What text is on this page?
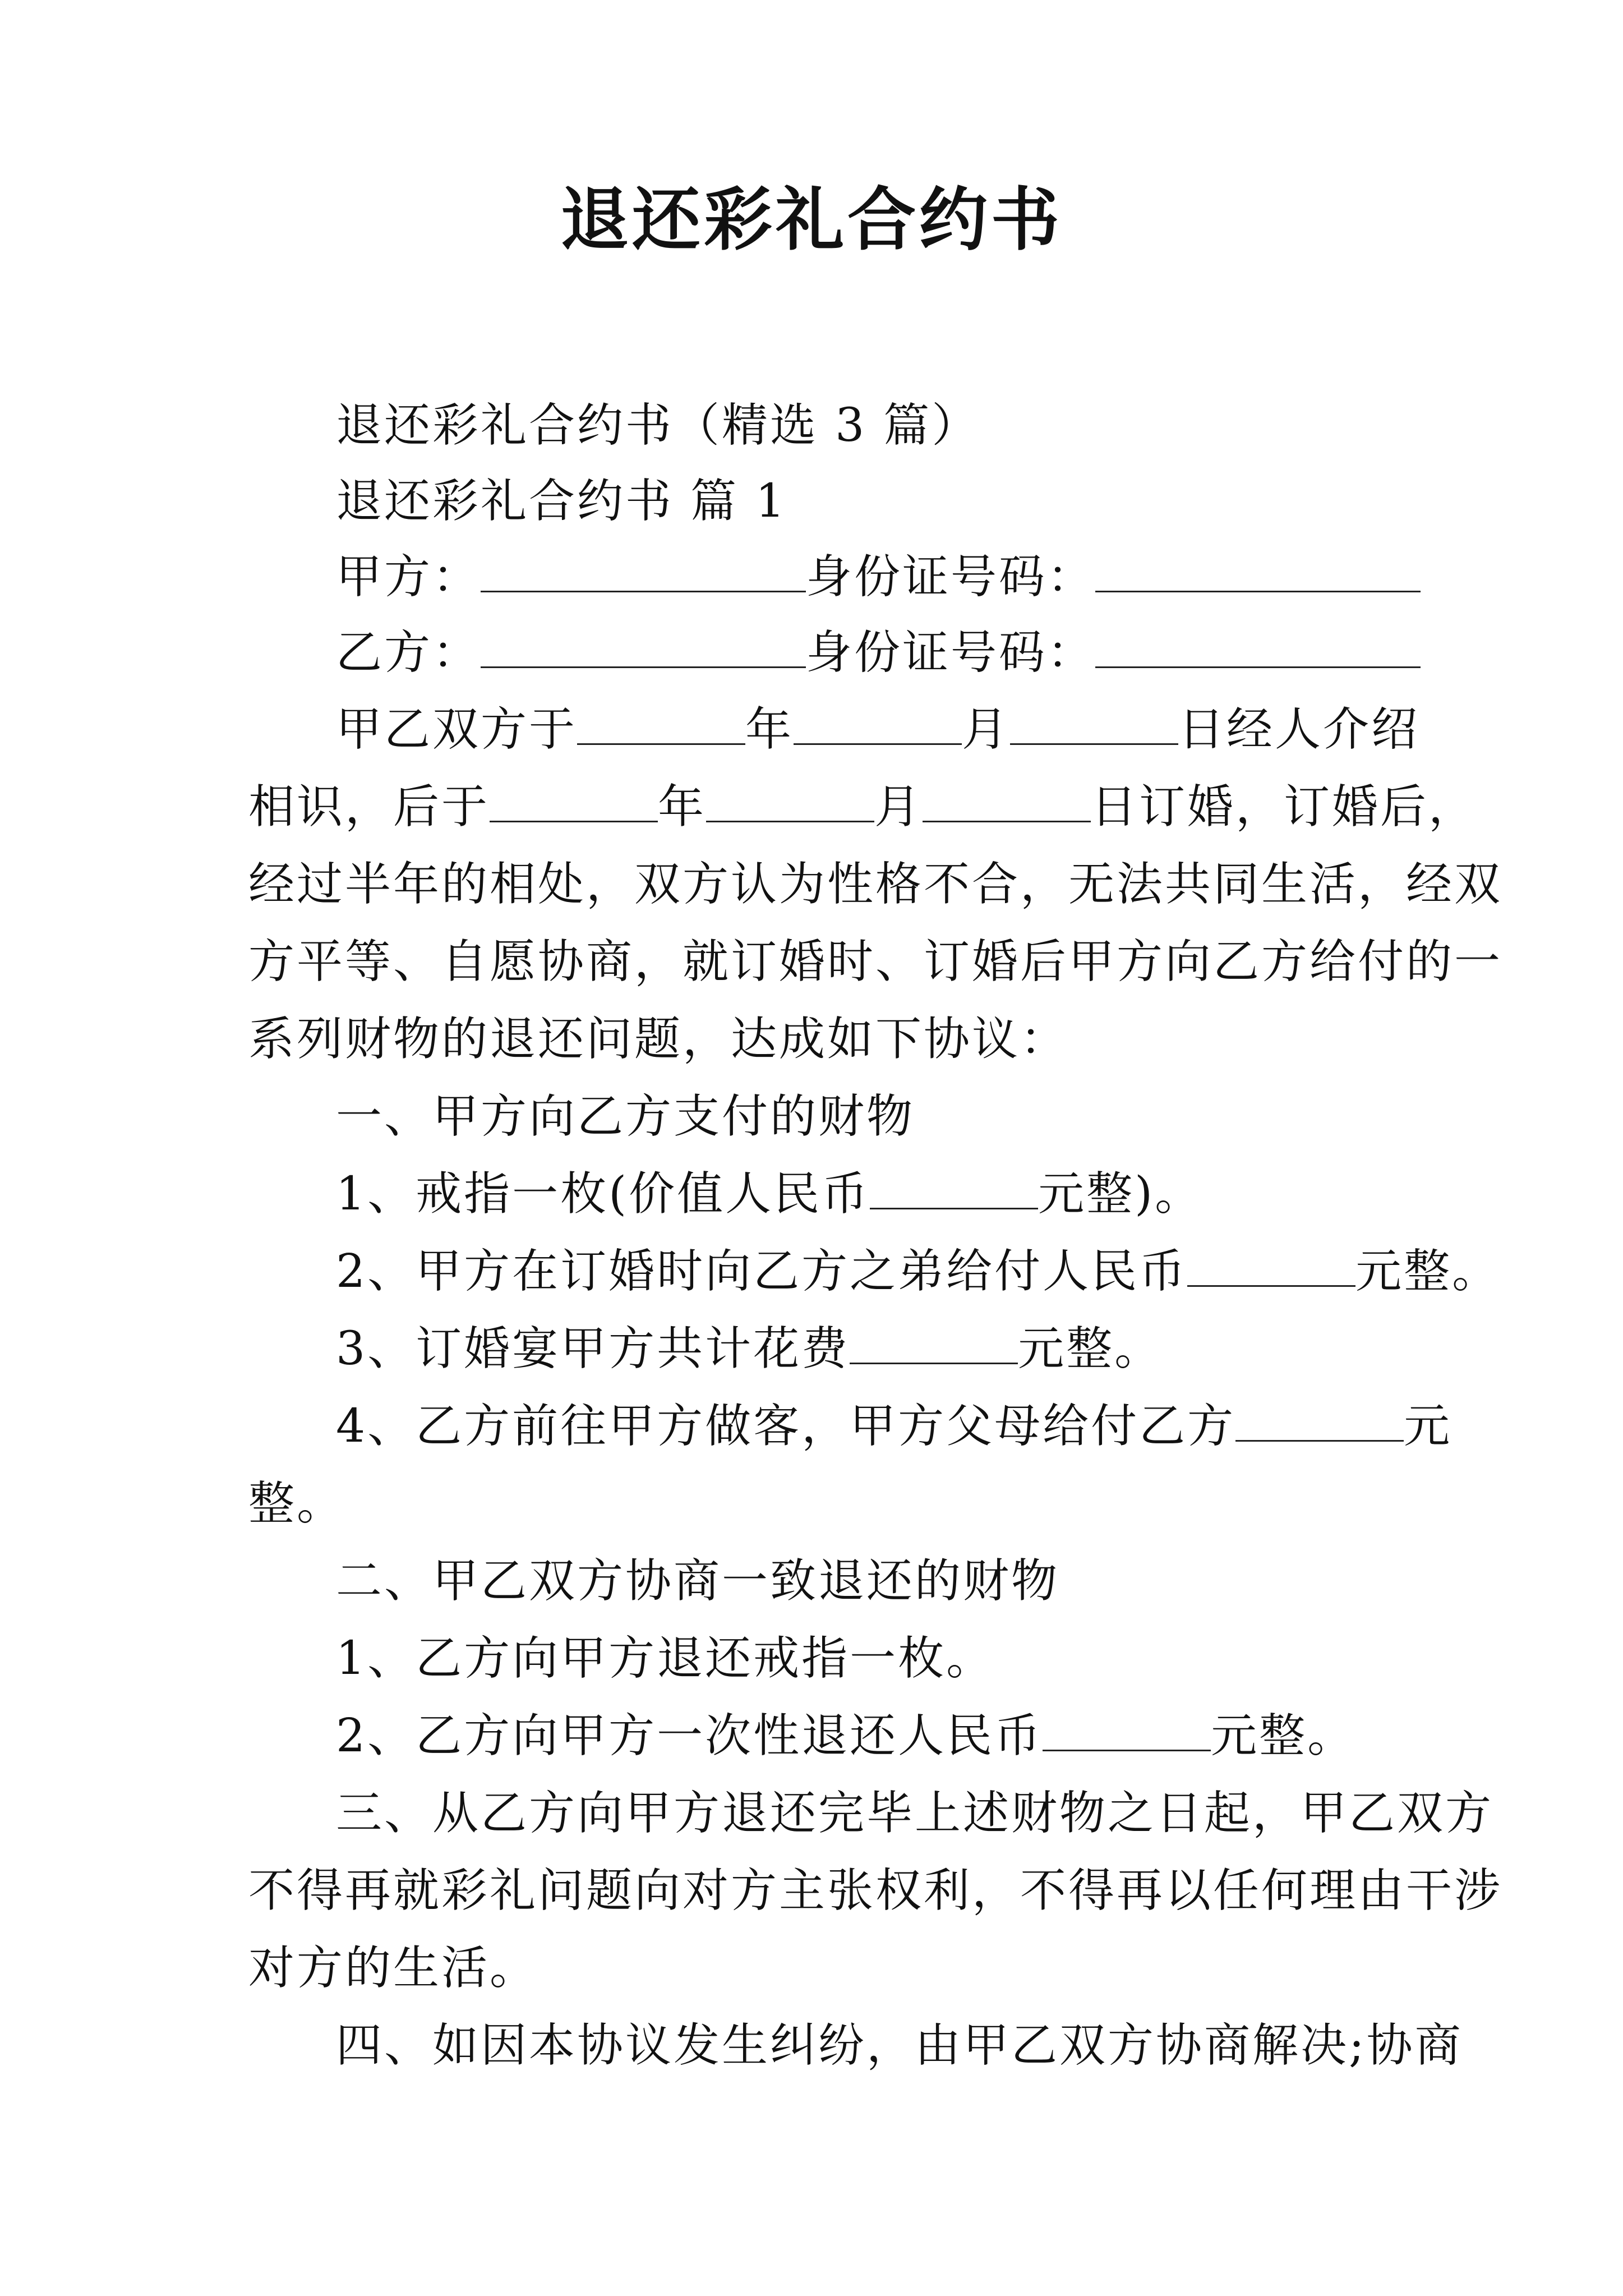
退还彩礼合约书
退还彩礼合约书（精选 3 篇）
退还彩礼合约书 篇 1
甲方：	身份证号码：
乙方：	身份证号码：
甲乙双方于	年	月	日经人介绍
相识，后于	年	月	日订婚，订婚后，
经过半年的相处，双方认为性格不合，无法共同生活，经双
方平等、自愿协商，就订婚时、订婚后甲方向乙方给付的一
系列财物的退还问题，达成如下协议：
一、甲方向乙方支付的财物
1、戒指一枚(价值人民币	元整)。
2、甲方在订婚时向乙方之弟给付人民币	元整。
3、订婚宴甲方共计花费	元整。
4、乙方前往甲方做客，甲方父母给付乙方	元
整。
二、甲乙双方协商一致退还的财物
1、乙方向甲方退还戒指一枚。
2、乙方向甲方一次性退还人民币	元整。
三、从乙方向甲方退还完毕上述财物之日起，甲乙双方
不得再就彩礼问题向对方主张权利，不得再以任何理由干涉
对方的生活。
四、如因本协议发生纠纷，由甲乙双方协商解决;协商
